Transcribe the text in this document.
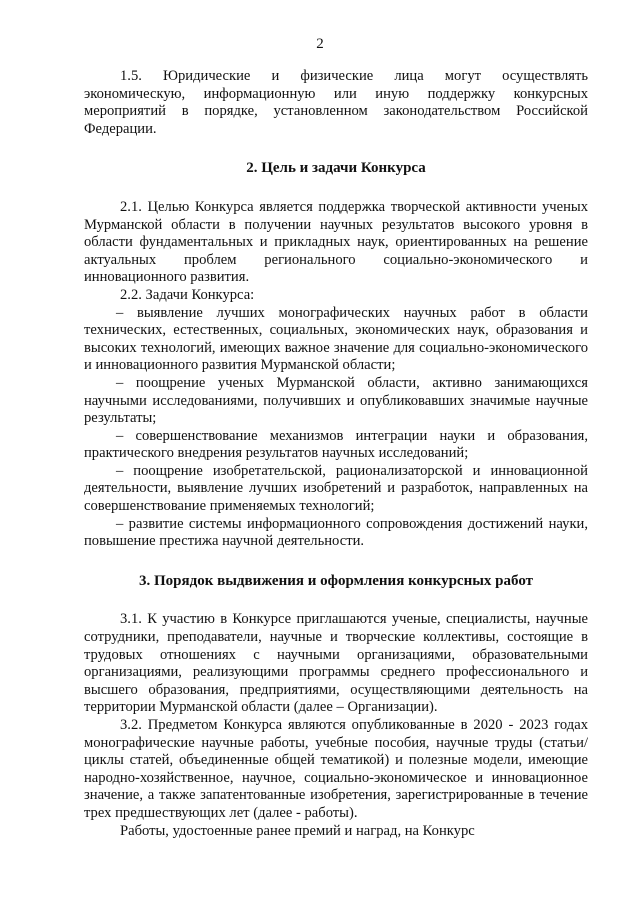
2

1.5. Юридические и физические лица могут осуществлять экономическую, информационную или иную поддержку конкурсных мероприятий в порядке, установленном законодательством Российской Федерации.

2. Цель и задачи Конкурса

2.1. Целью Конкурса является поддержка творческой активности ученых Мурманской области в получении научных результатов высокого уровня в области фундаментальных и прикладных наук, ориентированных на решение актуальных проблем регионального социально-экономического и инновационного развития.

2.2. Задачи Конкурса:

– выявление лучших монографических научных работ в области технических, естественных, социальных, экономических наук, образования и высоких технологий, имеющих важное значение для социально-экономического и инновационного развития Мурманской области;

– поощрение ученых Мурманской области, активно занимающихся научными исследованиями, получивших и опубликовавших значимые научные результаты;

– совершенствование механизмов интеграции науки и образования, практического внедрения результатов научных исследований;

– поощрение изобретательской, рационализаторской и инновационной деятельности, выявление лучших изобретений и разработок, направленных на совершенствование применяемых технологий;

– развитие системы информационного сопровождения достижений науки, повышение престижа научной деятельности.

3. Порядок выдвижения и оформления конкурсных работ

3.1. К участию в Конкурсе приглашаются ученые, специалисты, научные сотрудники, преподаватели, научные и творческие коллективы, состоящие в трудовых отношениях с научными организациями, образовательными организациями, реализующими программы среднего профессионального и высшего образования, предприятиями, осуществляющими деятельность на территории Мурманской области (далее – Организации).

3.2. Предметом Конкурса являются опубликованные в 2020 - 2023 годах монографические научные работы, учебные пособия, научные труды (статьи/циклы статей, объединенные общей тематикой) и полезные модели, имеющие народно-хозяйственное, научное, социально-экономическое и инновационное значение, а также запатентованные изобретения, зарегистрированные в течение трех предшествующих лет (далее - работы).

Работы, удостоенные ранее премий и наград, на Конкурс
